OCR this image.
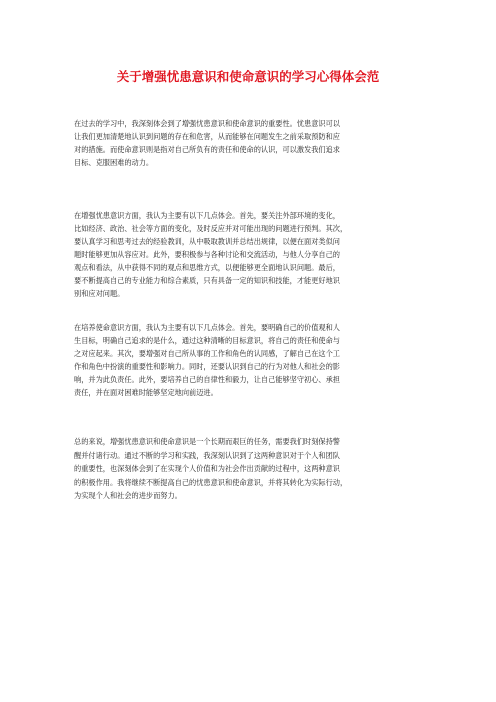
关于增强忧患意识和使命意识的学习心得体会范

在过去的学习中，我深刻体会到了增强忧患意识和使命意识的重要性。忧患意识可以
让我们更加清楚地认识到问题的存在和危害，从而能够在问题发生之前采取预防和应
对的措施。而使命意识则是指对自己所负有的责任和使命的认识，可以激发我们追求
目标、克服困难的动力。

在增强忧患意识方面，我认为主要有以下几点体会。首先，要关注外部环境的变化，
比如经济、政治、社会等方面的变化，及时反应并对可能出现的问题进行预判。其次，
要认真学习和思考过去的经验教训，从中吸取教训并总结出规律，以便在面对类似问
题时能够更加从容应对。此外，要积极参与各种讨论和交流活动，与他人分享自己的
观点和看法，从中获得不同的观点和思维方式，以便能够更全面地认识问题。最后，
要不断提高自己的专业能力和综合素质，只有具备一定的知识和技能，才能更好地识
别和应对问题。

在培养使命意识方面，我认为主要有以下几点体会。首先，要明确自己的价值观和人
生目标，明确自己追求的是什么，通过这种清晰的目标意识，将自己的责任和使命与
之对应起来。其次，要增强对自己所从事的工作和角色的认同感，了解自己在这个工
作和角色中扮演的重要性和影响力。同时，还要认识到自己的行为对他人和社会的影
响，并为此负责任。此外，要培养自己的自律性和毅力，让自己能够坚守初心、承担
责任，并在面对困难时能够坚定地向前迈进。

总的来说，增强忧患意识和使命意识是一个长期而艰巨的任务，需要我们时刻保持警
醒并付诸行动。通过不断的学习和实践，我深刻认识到了这两种意识对于个人和团队
的重要性，也深刻体会到了在实现个人价值和为社会作出贡献的过程中，这两种意识
的积极作用。我将继续不断提高自己的忧患意识和使命意识，并将其转化为实际行动，
为实现个人和社会的进步而努力。
